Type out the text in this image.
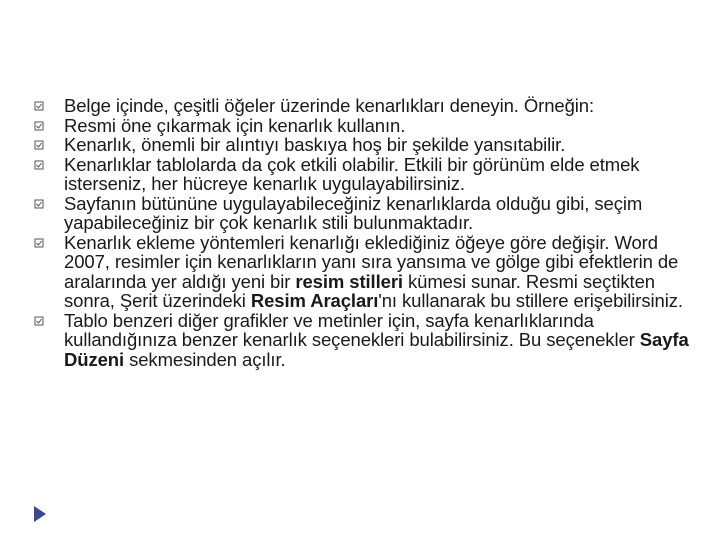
Belge içinde, çeşitli öğeler üzerinde kenarlıkları deneyin. Örneğin:
Resmi öne çıkarmak için kenarlık kullanın.
Kenarlık, önemli bir alıntıyı baskıya hoş bir şekilde yansıtabilir.
Kenarlıklar tablolarda da çok etkili olabilir. Etkili bir görünüm elde etmek isterseniz, her hücreye kenarlık uygulayabilirsiniz.
Sayfanın bütününe uygulayabileceğiniz kenarlıklarda olduğu gibi, seçim yapabileceğiniz bir çok kenarlık stili bulunmaktadır.
Kenarlık ekleme yöntemleri kenarlığı eklediğiniz öğeye göre değişir. Word 2007, resimler için kenarlıkların yanı sıra yansıma ve gölge gibi efektlerin de aralarında yer aldığı yeni bir resim stilleri kümesi sunar. Resmi seçtikten sonra, Şerit üzerindeki Resim Araçları'nı kullanarak bu stillere erişebilirsiniz.
Tablo benzeri diğer grafikler ve metinler için, sayfa kenarlıklarında kullandığınıza benzer kenarlık seçenekleri bulabilirsiniz. Bu seçenekler Sayfa Düzeni sekmesinden açılır.
